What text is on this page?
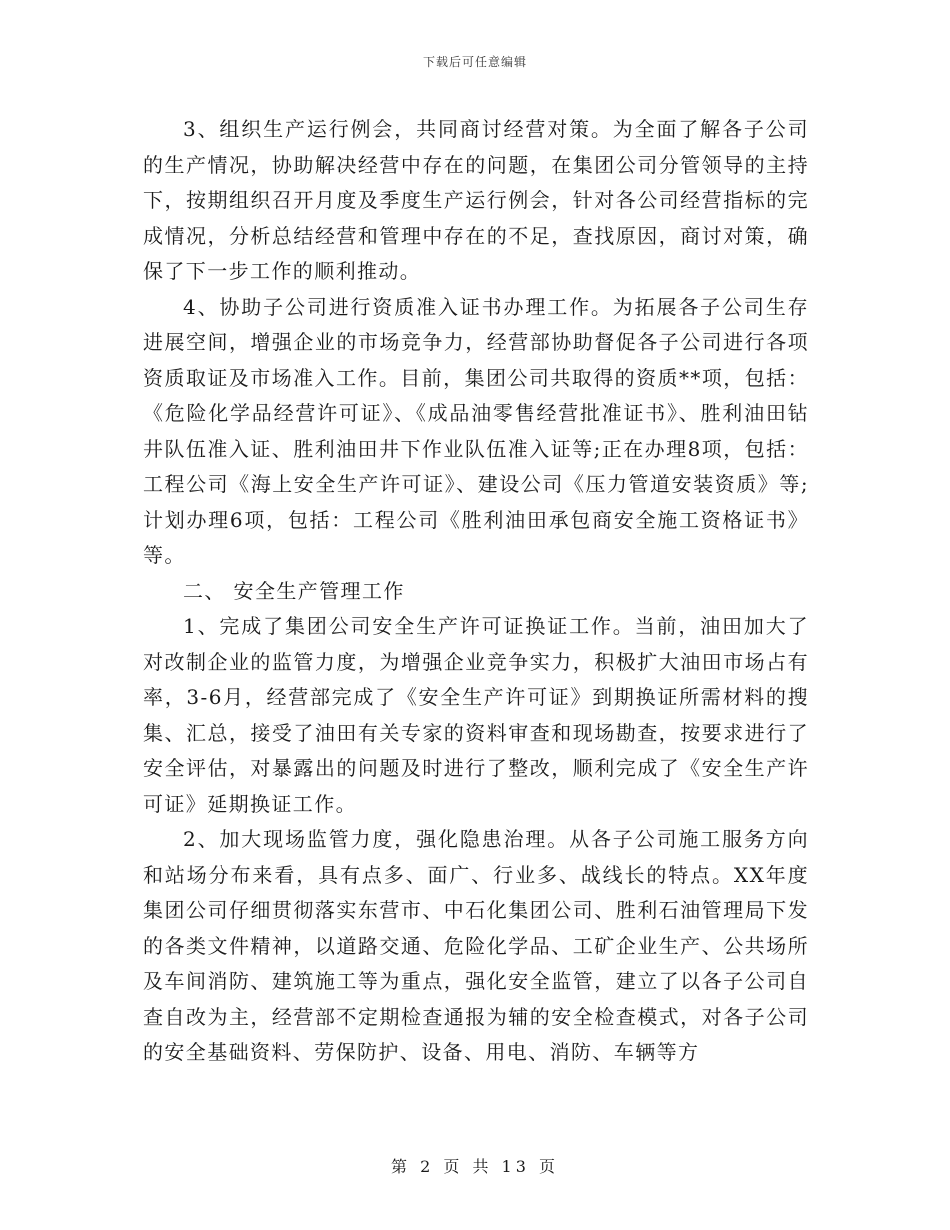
下载后可任意编辑

3、组织生产运行例会，共同商讨经营对策。为全面了解各子公司的生产情况，协助解决经营中存在的问题，在集团公司分管领导的主持下，按期组织召开月度及季度生产运行例会，针对各公司经营指标的完成情况，分析总结经营和管理中存在的不足，查找原因，商讨对策，确保了下一步工作的顺利推动。

4、协助子公司进行资质准入证书办理工作。为拓展各子公司生存进展空间，增强企业的市场竞争力，经营部协助督促各子公司进行各项资质取证及市场准入工作。目前，集团公司共取得的资质**项，包括：《危险化学品经营许可证》、《成品油零售经营批准证书》、胜利油田钻井队伍准入证、胜利油田井下作业队伍准入证等;正在办理8项，包括：工程公司《海上安全生产许可证》、建设公司《压力管道安装资质》等;计划办理6项，包括：工程公司《胜利油田承包商安全施工资格证书》等。

二、 安全生产管理工作

1、完成了集团公司安全生产许可证换证工作。当前，油田加大了对改制企业的监管力度，为增强企业竞争实力，积极扩大油田市场占有率，3-6月，经营部完成了《安全生产许可证》到期换证所需材料的搜集、汇总，接受了油田有关专家的资料审查和现场勘查，按要求进行了安全评估，对暴露出的问题及时进行了整改，顺利完成了《安全生产许可证》延期换证工作。

2、加大现场监管力度，强化隐患治理。从各子公司施工服务方向和站场分布来看，具有点多、面广、行业多、战线长的特点。XX年度集团公司仔细贯彻落实东营市、中石化集团公司、胜利石油管理局下发的各类文件精神，以道路交通、危险化学品、工矿企业生产、公共场所及车间消防、建筑施工等为重点，强化安全监管，建立了以各子公司自查自改为主，经营部不定期检查通报为辅的安全检查模式，对各子公司的安全基础资料、劳保防护、设备、用电、消防、车辆等方

第 2 页 共 13 页
